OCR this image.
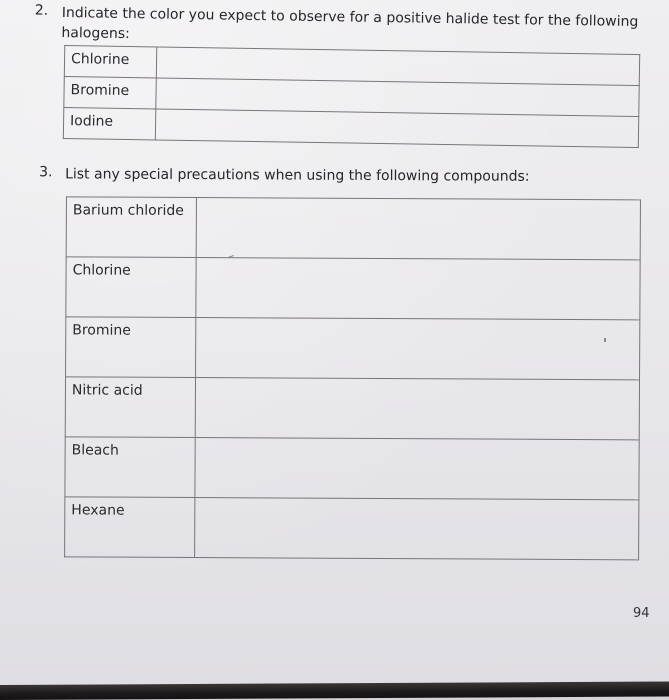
2. Indicate the color you expect to observe for a positive halide test for the following
halogens:
Chlorine	

Bromine	

Iodine	

3. List any special precautions when using the following compounds:
Barium chloride	

Chlorine	

Bromine	

Nitric acid	

Bleach	

Hexane	

94
